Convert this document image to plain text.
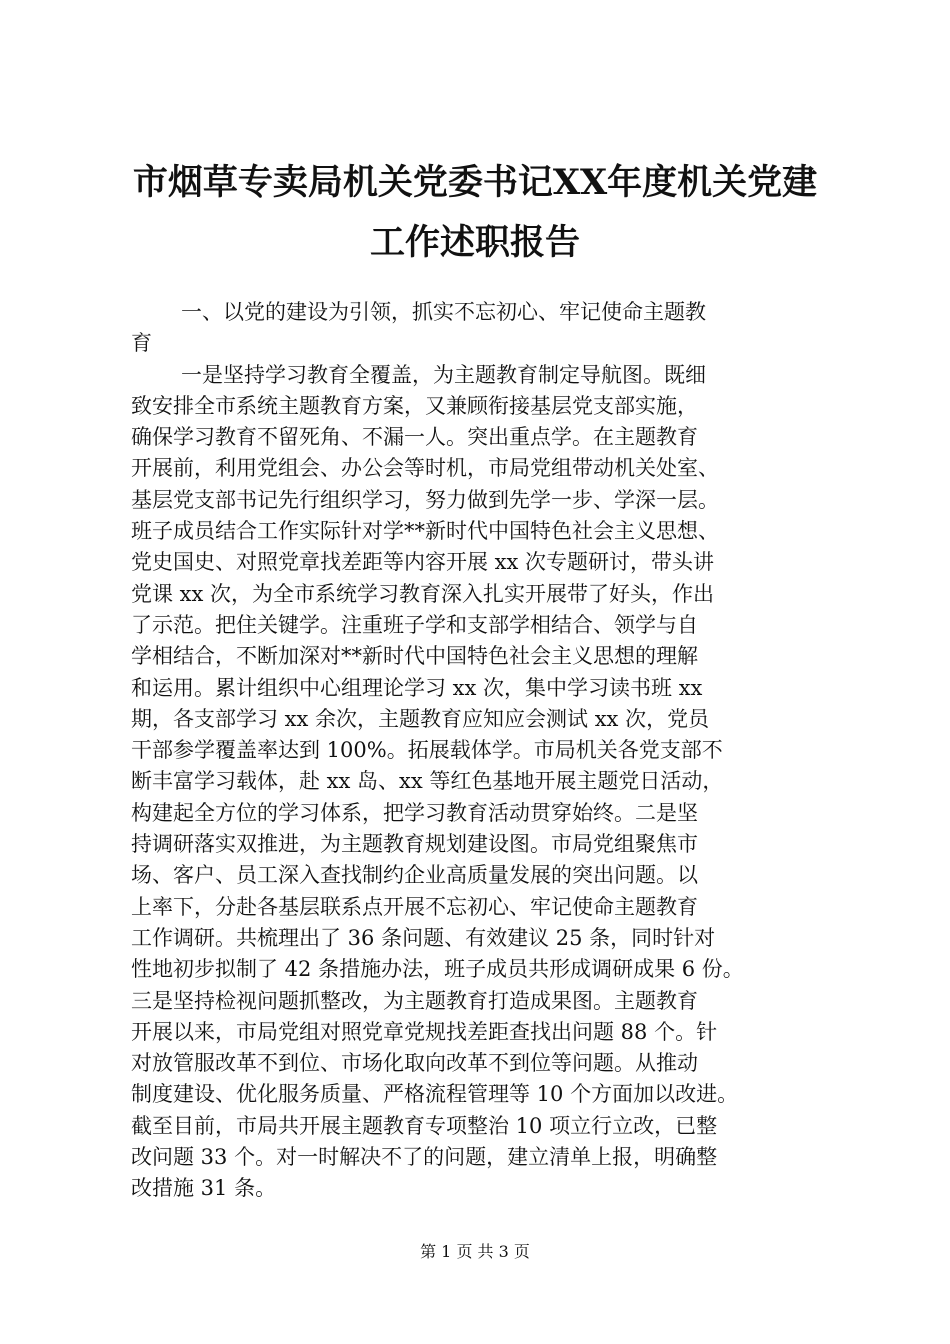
市烟草专卖局机关党委书记XX年度机关党建
工作述职报告
一、以党的建设为引领，抓实不忘初心、牢记使命主题教
育
一是坚持学习教育全覆盖，为主题教育制定导航图。既细
致安排全市系统主题教育方案，又兼顾衔接基层党支部实施，
确保学习教育不留死角、不漏一人。突出重点学。在主题教育
开展前，利用党组会、办公会等时机，市局党组带动机关处室、
基层党支部书记先行组织学习，努力做到先学一步、学深一层。
班子成员结合工作实际针对学**新时代中国特色社会主义思想、
党史国史、对照党章找差距等内容开展 xx 次专题研讨，带头讲
党课 xx 次，为全市系统学习教育深入扎实开展带了好头，作出
了示范。把住关键学。注重班子学和支部学相结合、领学与自
学相结合，不断加深对**新时代中国特色社会主义思想的理解
和运用。累计组织中心组理论学习 xx 次，集中学习读书班 xx
期，各支部学习 xx 余次，主题教育应知应会测试 xx 次，党员
干部参学覆盖率达到 100%。拓展载体学。市局机关各党支部不
断丰富学习载体，赴 xx 岛、xx 等红色基地开展主题党日活动，
构建起全方位的学习体系，把学习教育活动贯穿始终。二是坚
持调研落实双推进，为主题教育规划建设图。市局党组聚焦市
场、客户、员工深入查找制约企业高质量发展的突出问题。以
上率下，分赴各基层联系点开展不忘初心、牢记使命主题教育
工作调研。共梳理出了 36 条问题、有效建议 25 条，同时针对
性地初步拟制了 42 条措施办法，班子成员共形成调研成果 6 份。
三是坚持检视问题抓整改，为主题教育打造成果图。主题教育
开展以来，市局党组对照党章党规找差距查找出问题 88 个。针
对放管服改革不到位、市场化取向改革不到位等问题。从推动
制度建设、优化服务质量、严格流程管理等 10 个方面加以改进。
截至目前，市局共开展主题教育专项整治 10 项立行立改，已整
改问题 33 个。对一时解决不了的问题，建立清单上报，明确整
改措施 31 条。
第 1 页 共 3 页
